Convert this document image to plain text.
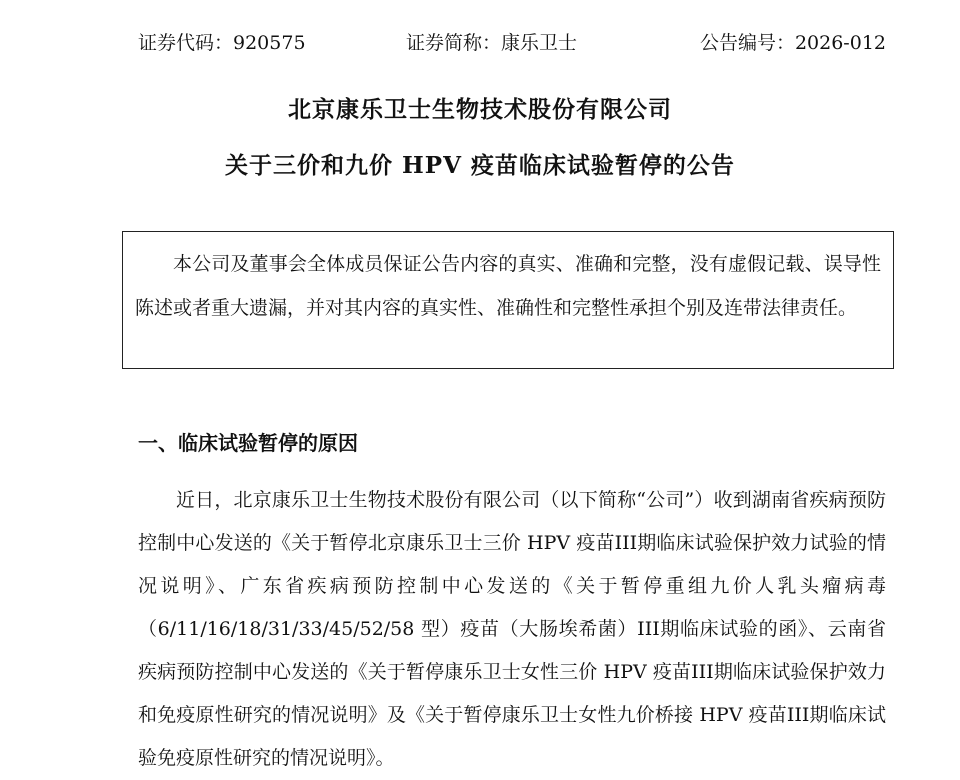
证券代码：920575	证券简称：康乐卫士	公告编号：2026-012
北京康乐卫士生物技术股份有限公司
关于三价和九价 HPV 疫苗临床试验暂停的公告

本公司及董事会全体成员保证公告内容的真实、准确和完整，没有虚假记载、误导性陈述或者重大遗漏，并对其内容的真实性、准确性和完整性承担个别及连带法律责任。

一、临床试验暂停的原因

近日，北京康乐卫士生物技术股份有限公司（以下简称“公司”）收到湖南省疾病预防控制中心发送的《关于暂停北京康乐卫士三价 HPV 疫苗III期临床试验保护效力试验的情况说明》、广东省疾病预防控制中心发送的《关于暂停重组九价人乳头瘤病毒（6/11/16/18/31/33/45/52/58 型）疫苗（大肠埃希菌）III期临床试验的函》、云南省疾病预防控制中心发送的《关于暂停康乐卫士女性三价 HPV 疫苗III期临床试验保护效力和免疫原性研究的情况说明》及《关于暂停康乐卫士女性九价桥接 HPV 疫苗III期临床试验免疫原性研究的情况说明》。
